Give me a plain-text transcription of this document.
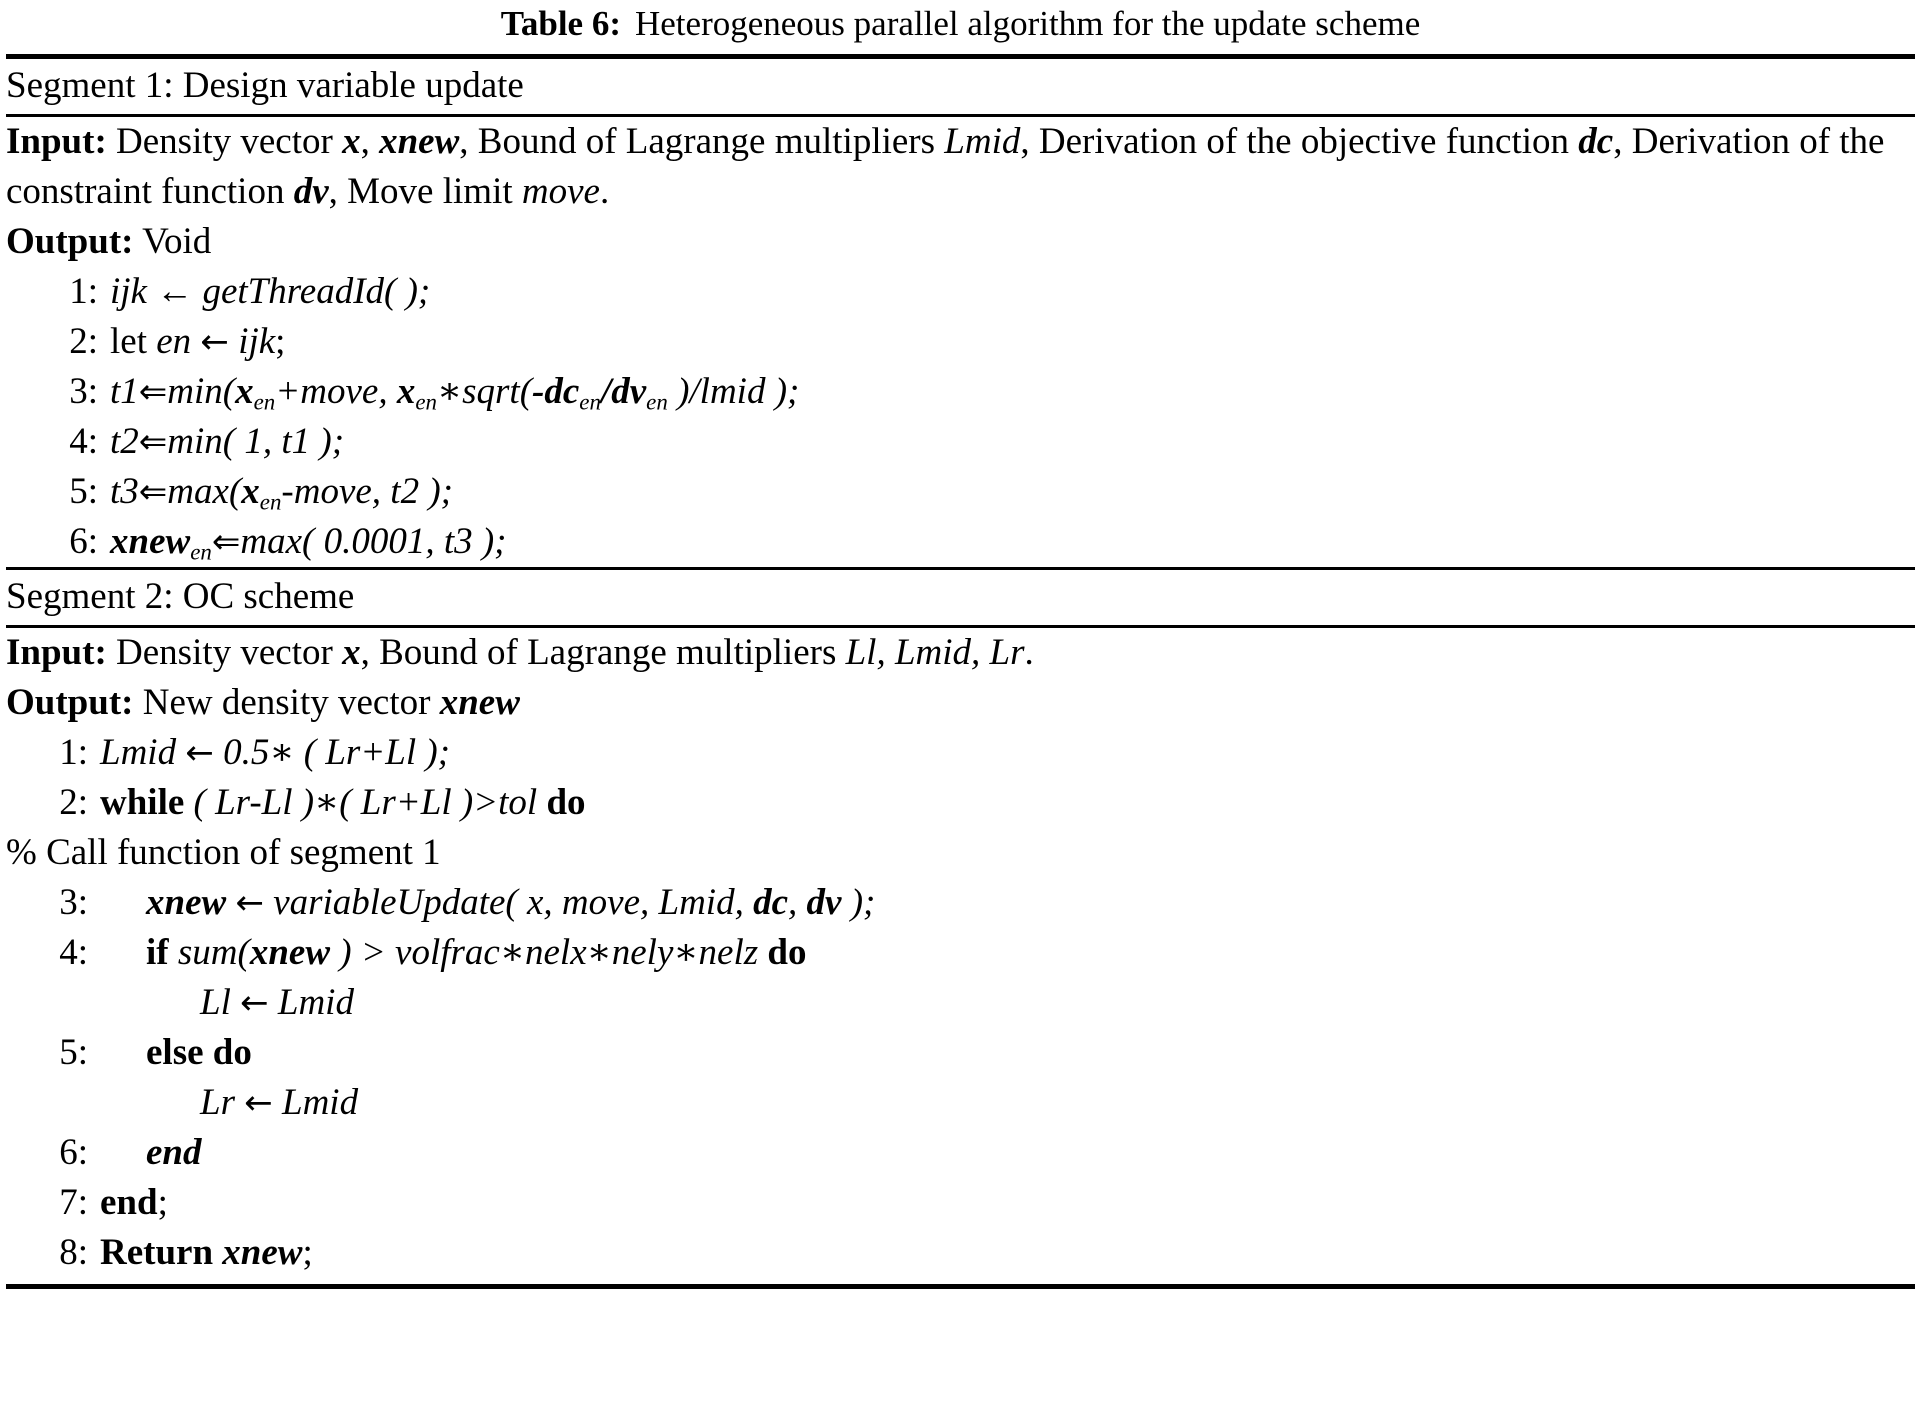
Table 6: Heterogeneous parallel algorithm for the update scheme
Segment 1: Design variable update
Input: Density vector x, xnew, Bound of Lagrange multipliers Lmid, Derivation of the objective function dc, Derivation of the constraint function dv, Move limit move.
Output: Void
1: ijk ← getThreadId( );
2: let en ← ijk;
3: $t1⇐\min(x_{en}+move$, $x_{en}∗sqrt(-dc_{en}/dv_{en}$ )/lmid );
4: t2⇐min( 1, t1 );
5: $t3⇐\max(x_{en}$-move, t2 );
6: xnew$_{en}$⇐max( 0.0001, t3 );
Segment 2: OC scheme
Input: Density vector x, Bound of Lagrange multipliers Ll, Lmid, Lr.
Output: New density vector xnew
1: Lmid ← 0.5∗ ( Lr+Ll );
2: while ( Lr-Ll )∗( Lr+Ll )>tol do
% Call function of segment 1
3: xnew ← variableUpdate( x, move, Lmid, dc, dv );
4: if sum(xnew ) > volfrac∗nelx∗nely∗nelz do
Ll ← Lmid
5: else do
Lr ← Lmid
6: end
7: end;
8: Return xnew;
